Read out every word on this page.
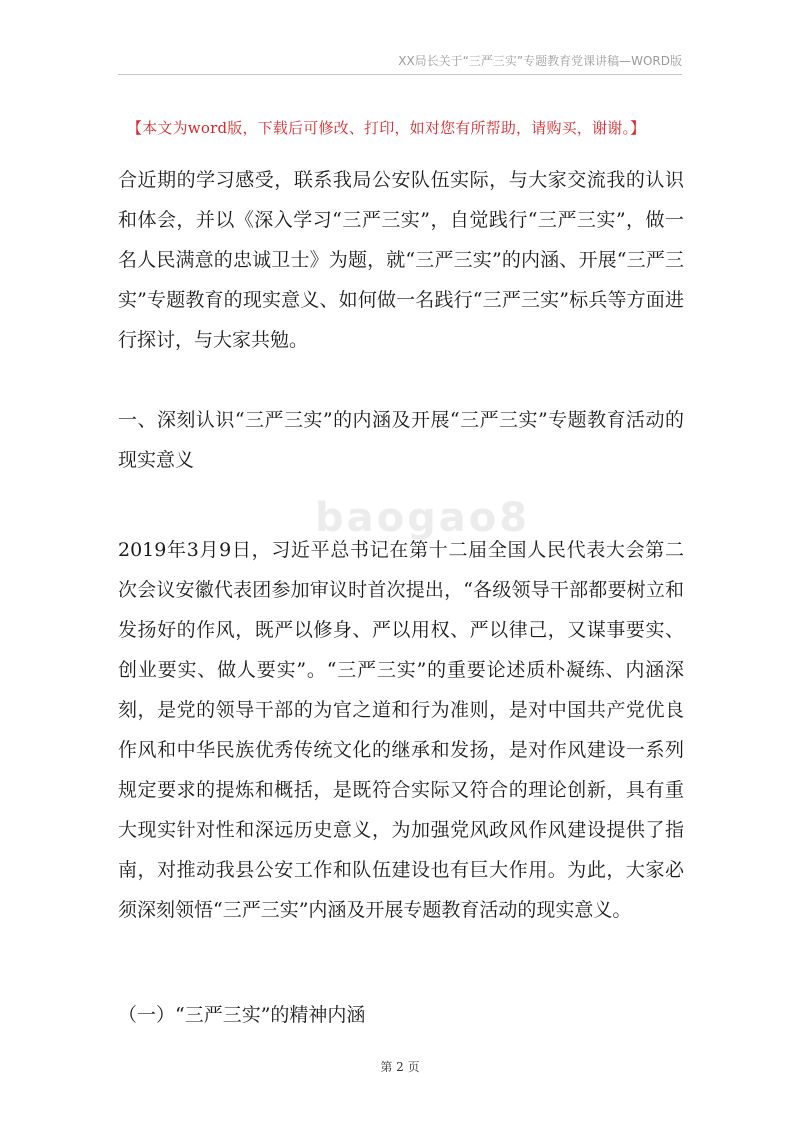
XX局长关于“三严三实”专题教育党课讲稿—WORD版
【本文为word版，下载后可修改、打印，如对您有所帮助，请购买，谢谢。】
baogao8
合近期的学习感受，联系我局公安队伍实际，与大家交流我的认识和体会，并以《深入学习“三严三实”，自觉践行“三严三实”，做一名人民满意的忠诚卫士》为题，就“三严三实”的内涵、开展“三严三实”专题教育的现实意义、如何做一名践行“三严三实”标兵等方面进行探讨，与大家共勉。
一、深刻认识“三严三实”的内涵及开展“三严三实”专题教育活动的现实意义
2019年3月9日，习近平总书记在第十二届全国人民代表大会第二次会议安徽代表团参加审议时首次提出，“各级领导干部都要树立和发扬好的作风，既严以修身、严以用权、严以律己，又谋事要实、创业要实、做人要实”。“三严三实”的重要论述质朴凝练、内涵深刻，是党的领导干部的为官之道和行为准则，是对中国共产党优良作风和中华民族优秀传统文化的继承和发扬，是对作风建设一系列规定要求的提炼和概括，是既符合实际又符合的理论创新，具有重大现实针对性和深远历史意义，为加强党风政风作风建设提供了指南，对推动我县公安工作和队伍建设也有巨大作用。为此，大家必须深刻领悟“三严三实”内涵及开展专题教育活动的现实意义。
（一）“三严三实”的精神内涵
第 2 页
